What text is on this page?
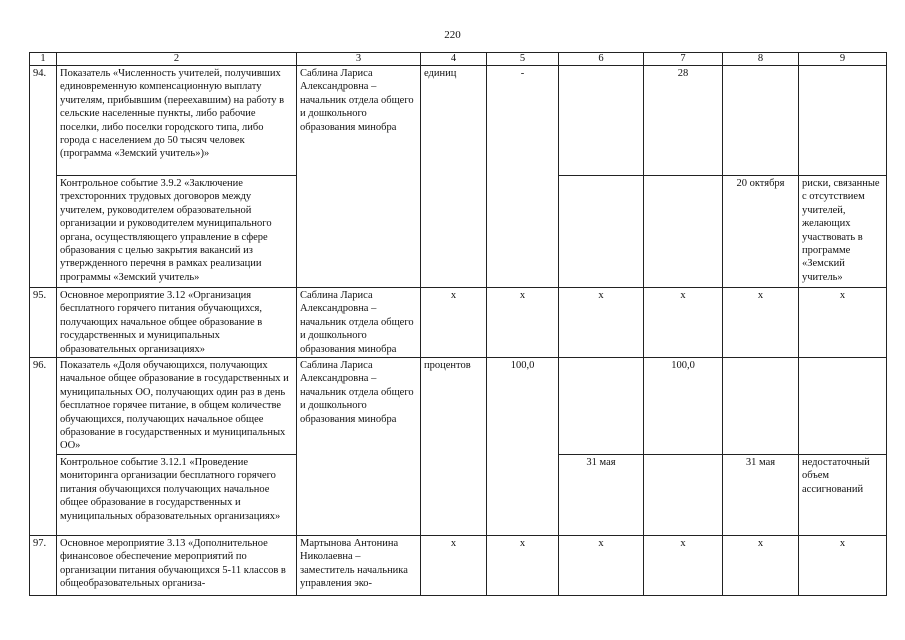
220
1	2	3	4	5	6	7	8	9
94.	Показатель «Численность учителей, получивших единовременную компенсационную выплату учителям, прибывшим (переехавшим) на работу в сельские населенные пункты, либо рабочие поселки, либо поселки городского типа, либо города с населением до 50 тысяч человек (программа «Земский учитель»)»	Саблина Лариса Александровна – начальник отдела общего и дошкольного образования минобра	единиц	-		28		
	Контрольное событие 3.9.2 «Заключение трехсторонних трудовых договоров между учителем, руководителем образовательной организации и руководителем муниципального органа, осуществляющего управление в сфере образования с целью закрытия вакансий из утвержденного перечня в рамках реализации программы «Земский учитель»						20 октября	риски, связанные с отсутствием учителей, желающих участвовать в программе «Земский учитель»
95.	Основное мероприятие 3.12 «Организация бесплатного горячего питания обучающихся, получающих начальное общее образование в государственных и муниципальных образовательных организациях»	Саблина Лариса Александровна – начальник отдела общего и дошкольного образования минобра	х	х	х	х	х	х
96.	Показатель «Доля обучающихся, получающих начальное общее образование в государственных и муниципальных ОО, получающих один раз в день бесплатное горячее питание, в общем количестве обучающихся, получающих начальное общее образование в государственных и муниципальных ОО»	Саблина Лариса Александровна – начальник отдела общего и дошкольного образования минобра	процентов	100,0		100,0		
	Контрольное событие 3.12.1 «Проведение мониторинга организации бесплатного горячего питания обучающихся получающих начальное общее образование в государственных и муниципальных образовательных организациях»				31 мая		31 мая	недостаточный объем ассигнований
97.	Основное мероприятие 3.13 «Дополнительное финансовое обеспечение мероприятий по организации питания обучающихся 5-11 классов в общеобразовательных организа-	Мартынова Антонина Николаевна – заместитель начальника управления эко-	х	х	х	х	х	х
